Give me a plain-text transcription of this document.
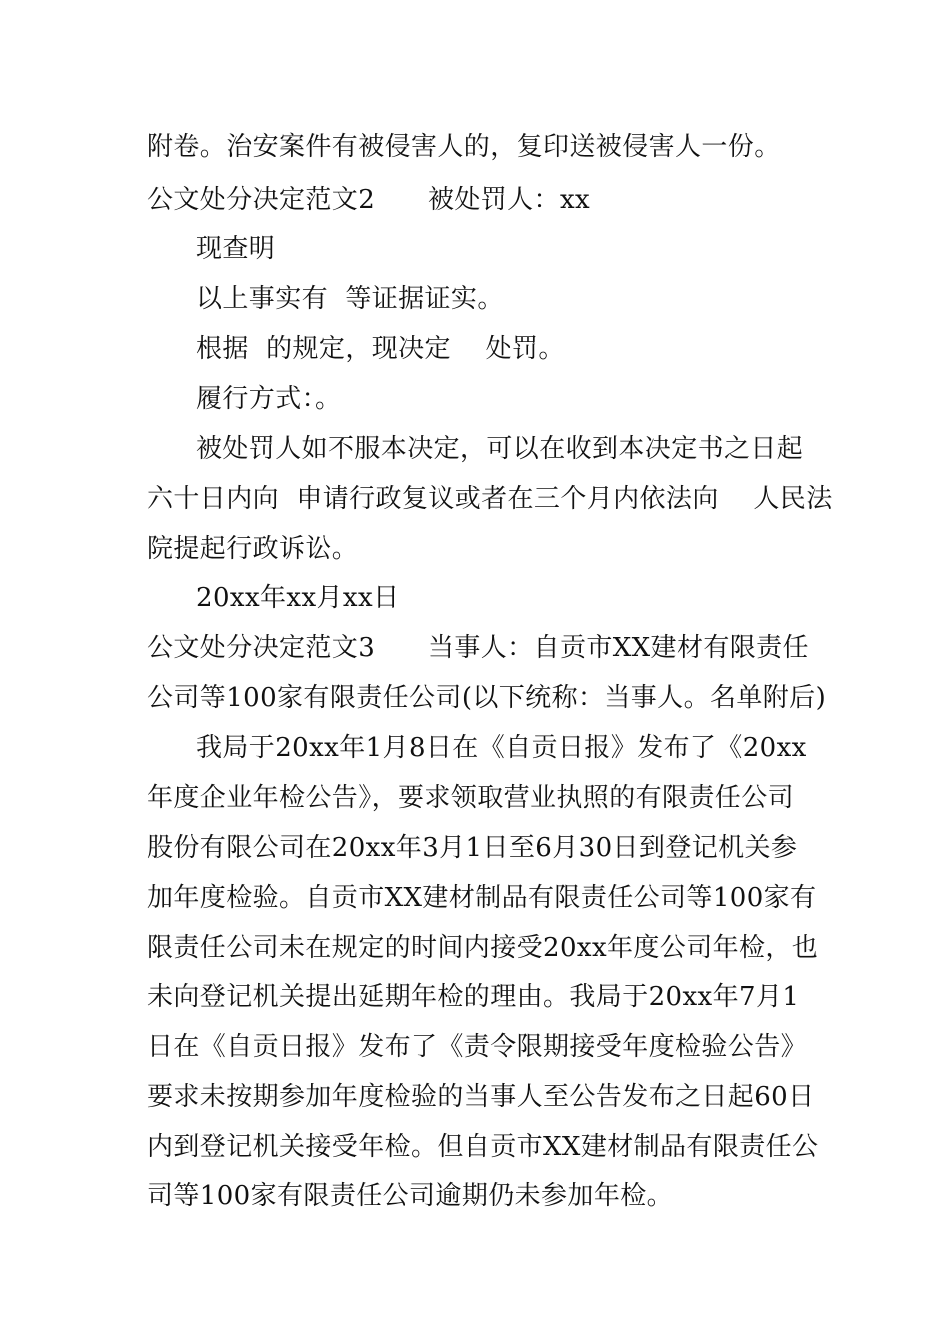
附卷。治安案件有被侵害人的，复印送被侵害人一份。
公文处分决定范文2　　被处罚人：xx
现查明
以上事实有  等证据证实。
根据  的规定，现决定    处罚。
履行方式：。
被处罚人如不服本决定，可以在收到本决定书之日起
六十日内向  申请行政复议或者在三个月内依法向    人民法
院提起行政诉讼。
20xx年xx月xx日
公文处分决定范文3　　当事人：自贡市XX建材有限责任
公司等100家有限责任公司(以下统称：当事人。名单附后)
我局于20xx年1月8日在《自贡日报》发布了《20xx
年度企业年检公告》，要求领取营业执照的有限责任公司
股份有限公司在20xx年3月1日至6月30日到登记机关参
加年度检验。自贡市XX建材制品有限责任公司等100家有
限责任公司未在规定的时间内接受20xx年度公司年检，也
未向登记机关提出延期年检的理由。我局于20xx年7月1
日在《自贡日报》发布了《责令限期接受年度检验公告》
要求未按期参加年度检验的当事人至公告发布之日起60日
内到登记机关接受年检。但自贡市XX建材制品有限责任公
司等100家有限责任公司逾期仍未参加年检。
